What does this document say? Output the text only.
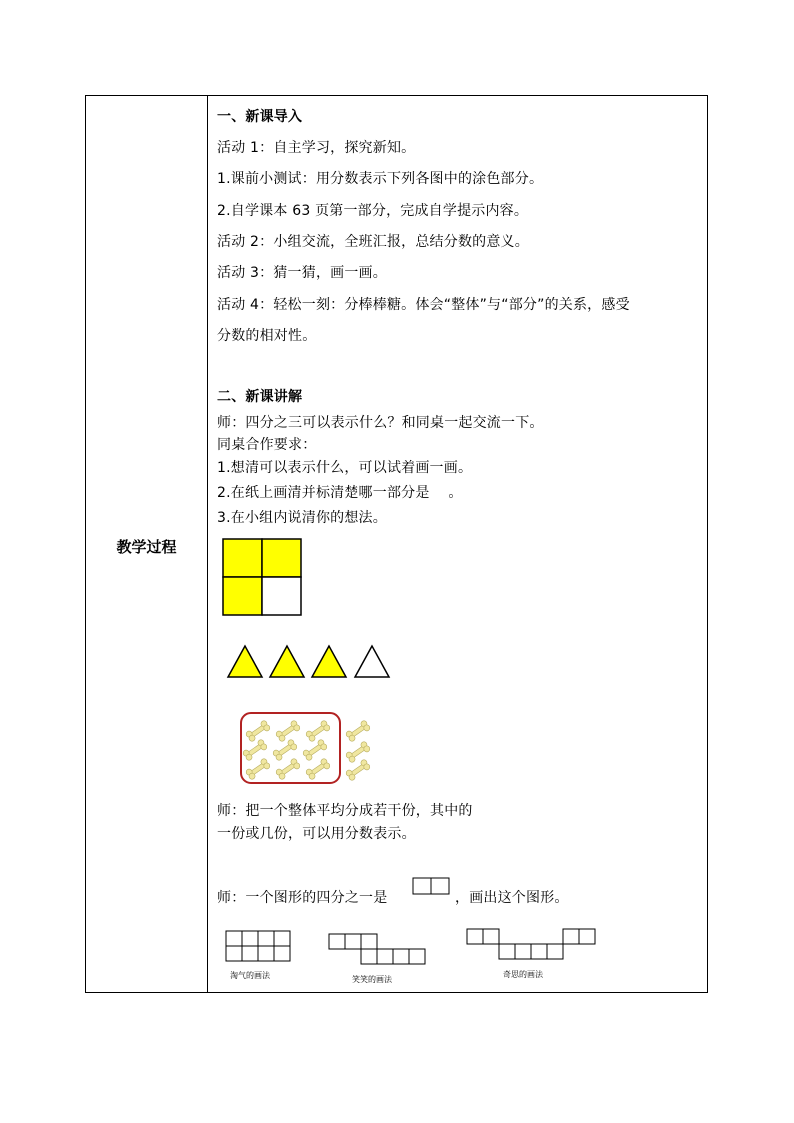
教学过程
一、新课导入
活动 1：自主学习，探究新知。
1.课前小测试：用分数表示下列各图中的涂色部分。
2.自学课本 63 页第一部分，完成自学提示内容。
活动 2：小组交流，全班汇报，总结分数的意义。
活动 3：猜一猜，画一画。
活动 4：轻松一刻：分棒棒糖。体会“整体”与“部分”的关系，感受
分数的相对性。
二、新课讲解
师：四分之三可以表示什么？和同桌一起交流一下。
同桌合作要求：
1.想清可以表示什么，可以试着画一画。
2.在纸上画清并标清楚哪一部分是　 。
3.在小组内说清你的想法。
师：把一个整体平均分成若干份，其中的
一份或几份，可以用分数表示。
师：一个图形的四分之一是	，画出这个图形。
淘气的画法	笑笑的画法
奇思的画法
